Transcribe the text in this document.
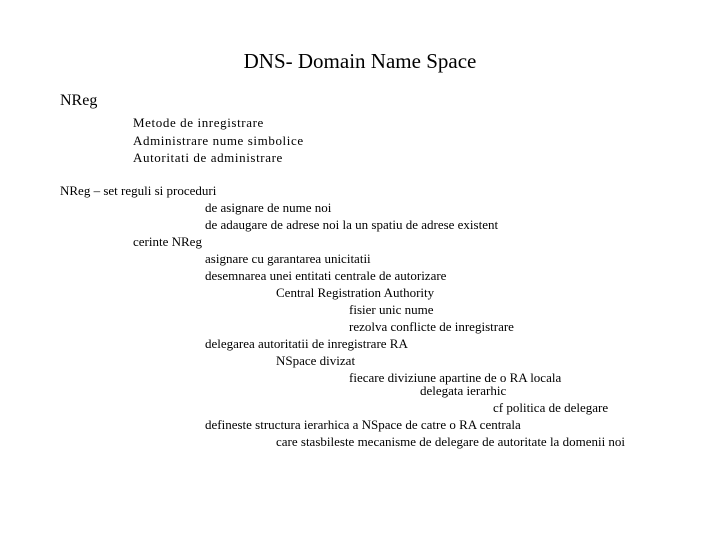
DNS- Domain Name Space
NReg
Metode de inregistrare
Administrare nume simbolice
Autoritati de administrare
NReg – set reguli si proceduri
de asignare de nume noi
de adaugare de adrese noi la un spatiu de adrese existent
cerinte NReg
asignare cu garantarea unicitatii
desemnarea unei entitati centrale de autorizare
Central Registration Authority
fisier unic nume
rezolva conflicte de inregistrare
delegarea autoritatii de inregistrare RA
NSpace divizat
fiecare diviziune apartine de o RA locala
delegata ierarhic
cf politica de delegare
defineste structura ierarhica a NSpace de catre o RA centrala
care stasbileste mecanisme de delegare de autoritate la domenii noi
